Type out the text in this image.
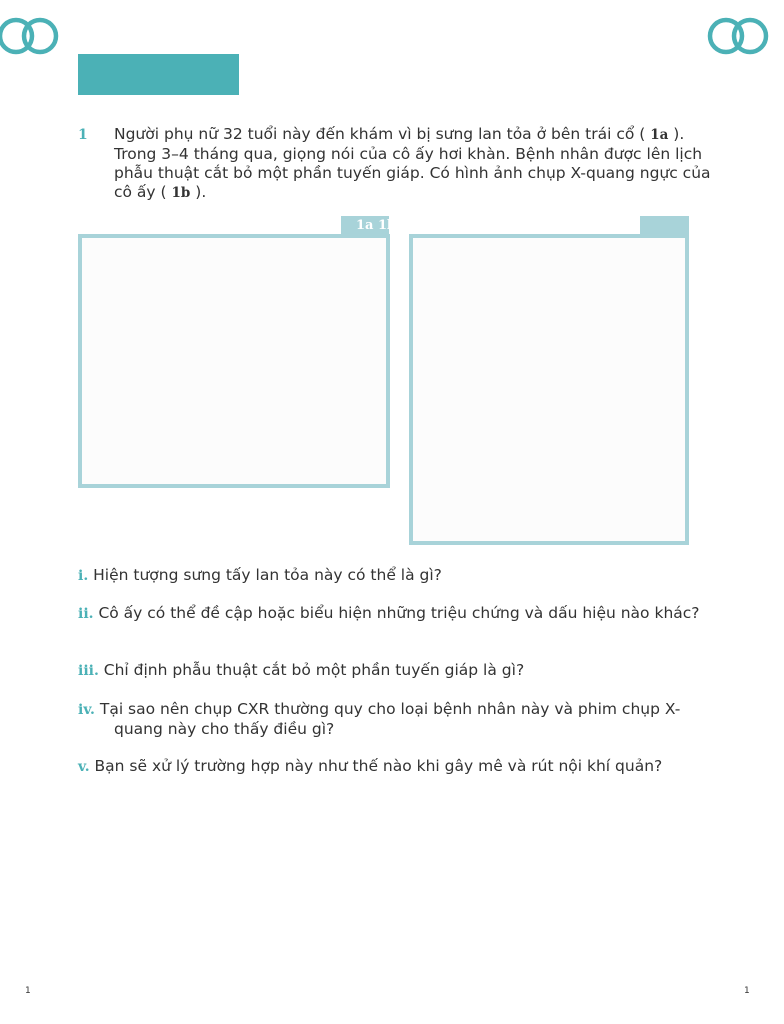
1 Người phụ nữ 32 tuổi này đến khám vì bị sưng lan tỏa ở bên trái cổ ( 1a ). Trong 3–4 tháng qua, giọng nói của cô ấy hơi khàn. Bệnh nhân được lên lịch phẫu thuật cắt bỏ một phần tuyến giáp. Có hình ảnh chụp X-quang ngực của cô ấy ( 1b ).
1a 1b
i. Hiện tượng sưng tấy lan tỏa này có thể là gì?
ii. Cô ấy có thể đề cập hoặc biểu hiện những triệu chứng và dấu hiệu nào khác?
iii. Chỉ định phẫu thuật cắt bỏ một phần tuyến giáp là gì?
iv. Tại sao nên chụp CXR thường quy cho loại bệnh nhân này và phim chụp X-quang này cho thấy điều gì?
v. Bạn sẽ xử lý trường hợp này như thế nào khi gây mê và rút nội khí quản?
1	1
